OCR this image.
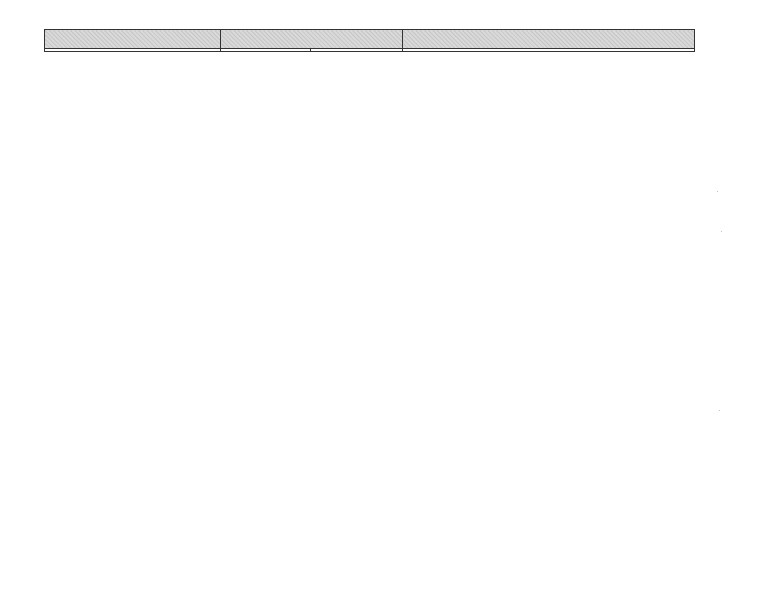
·
·
·
